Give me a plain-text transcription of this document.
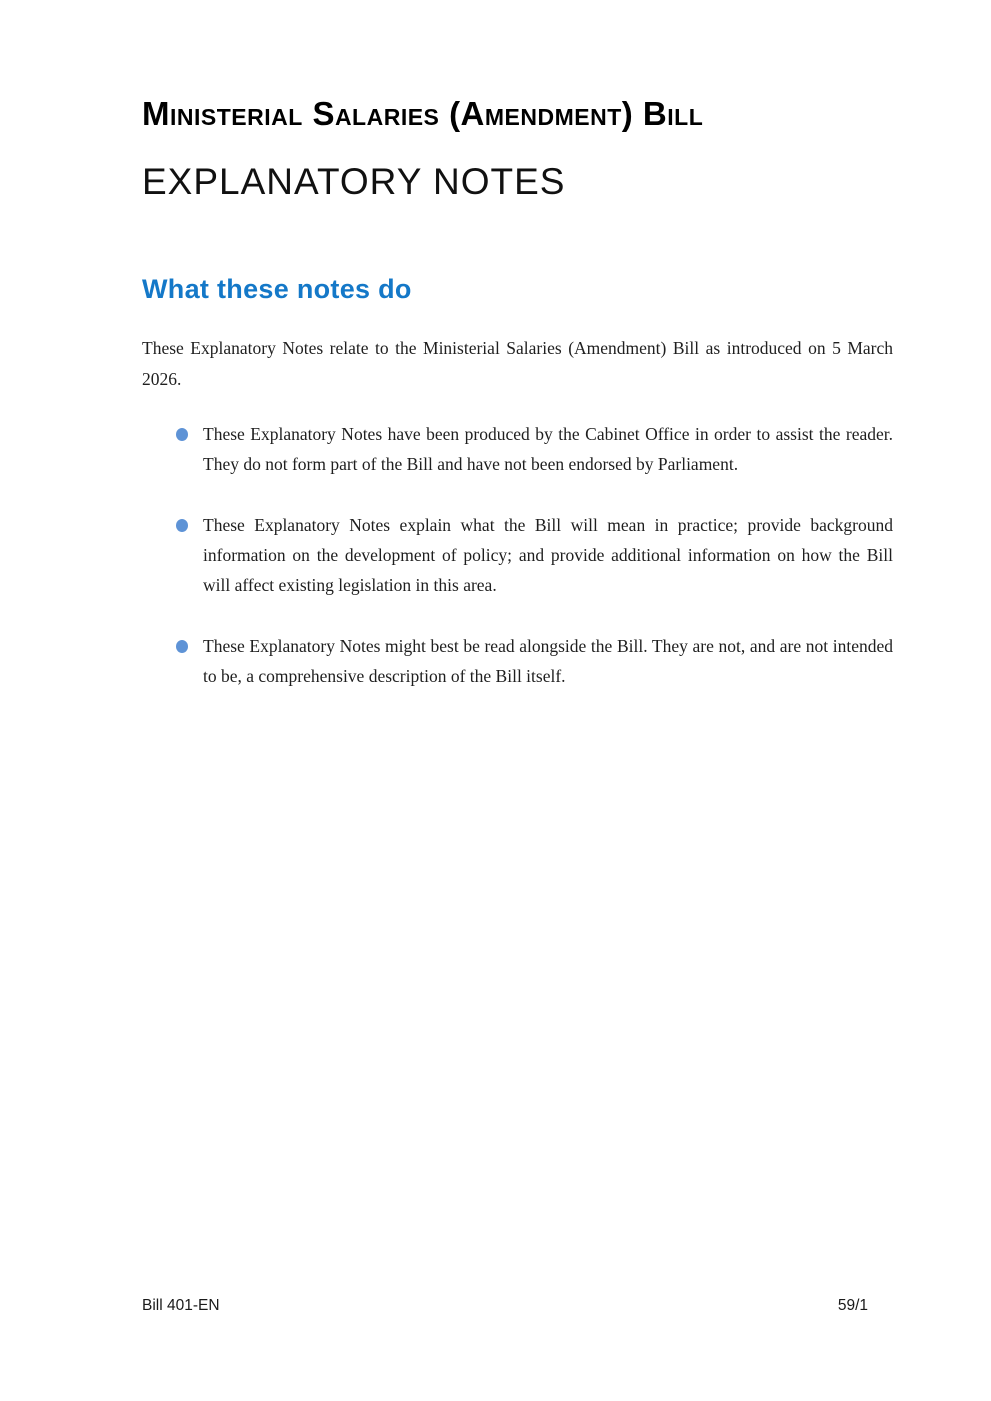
Ministerial Salaries (Amendment) Bill
EXPLANATORY NOTES
What these notes do

These Explanatory Notes relate to the Ministerial Salaries (Amendment) Bill as introduced on 5 March 2026.

These Explanatory Notes have been produced by the Cabinet Office in order to assist the reader. They do not form part of the Bill and have not been endorsed by Parliament.
These Explanatory Notes explain what the Bill will mean in practice; provide background information on the development of policy; and provide additional information on how the Bill will affect existing legislation in this area.
These Explanatory Notes might best be read alongside the Bill. They are not, and are not intended to be, a comprehensive description of the Bill itself.
Bill 401-EN	59/1
